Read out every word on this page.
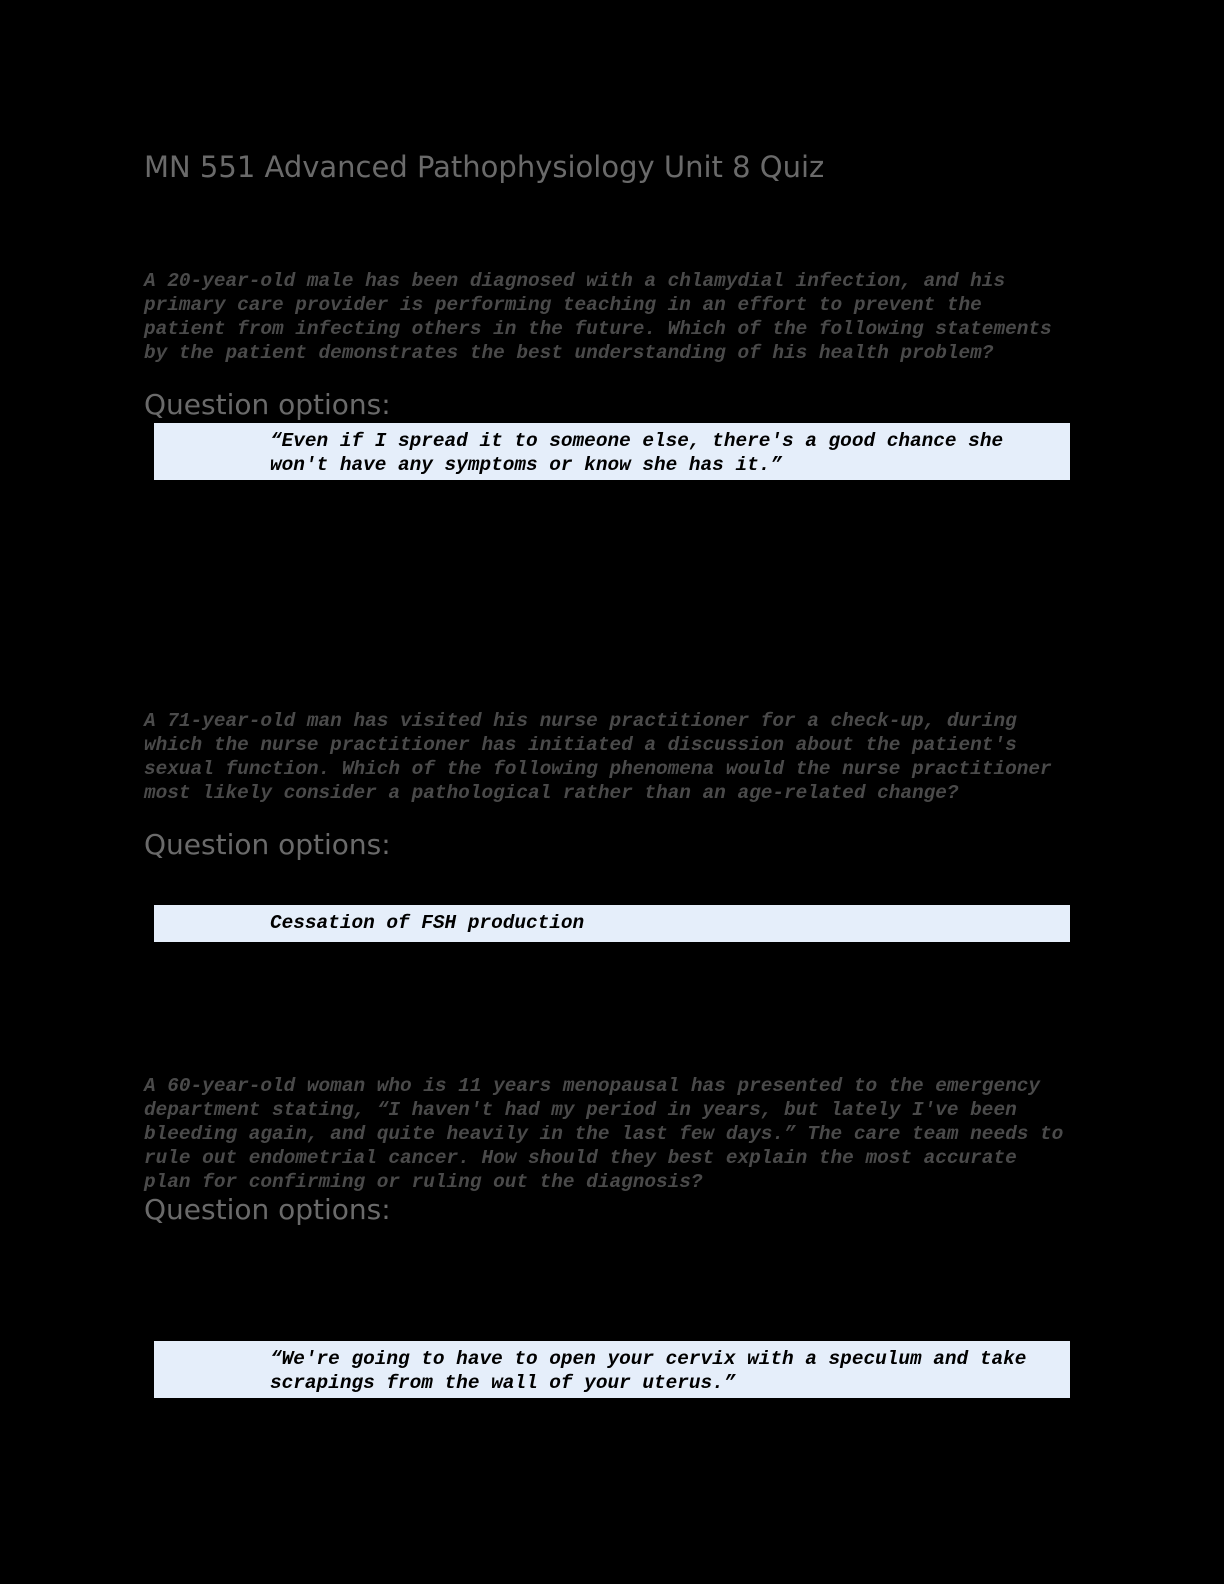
MN 551 Advanced Pathophysiology Unit 8 Quiz

A 20-year-old male has been diagnosed with a chlamydial infection, and his primary care provider is performing teaching in an effort to prevent the patient from infecting others in the future. Which of the following statements by the patient demonstrates the best understanding of his health problem?

Question options:
“Even if I spread it to someone else, there's a good chance she won't have any symptoms or know she has it.”

A 71-year-old man has visited his nurse practitioner for a check-up, during which the nurse practitioner has initiated a discussion about the patient's sexual function. Which of the following phenomena would the nurse practitioner most likely consider a pathological rather than an age-related change?

Question options:
Cessation of FSH production

A 60-year-old woman who is 11 years menopausal has presented to the emergency department stating, “I haven't had my period in years, but lately I've been bleeding again, and quite heavily in the last few days.” The care team needs to rule out endometrial cancer. How should they best explain the most accurate plan for confirming or ruling out the diagnosis?

Question options:
“We're going to have to open your cervix with a speculum and take scrapings from the wall of your uterus.”
